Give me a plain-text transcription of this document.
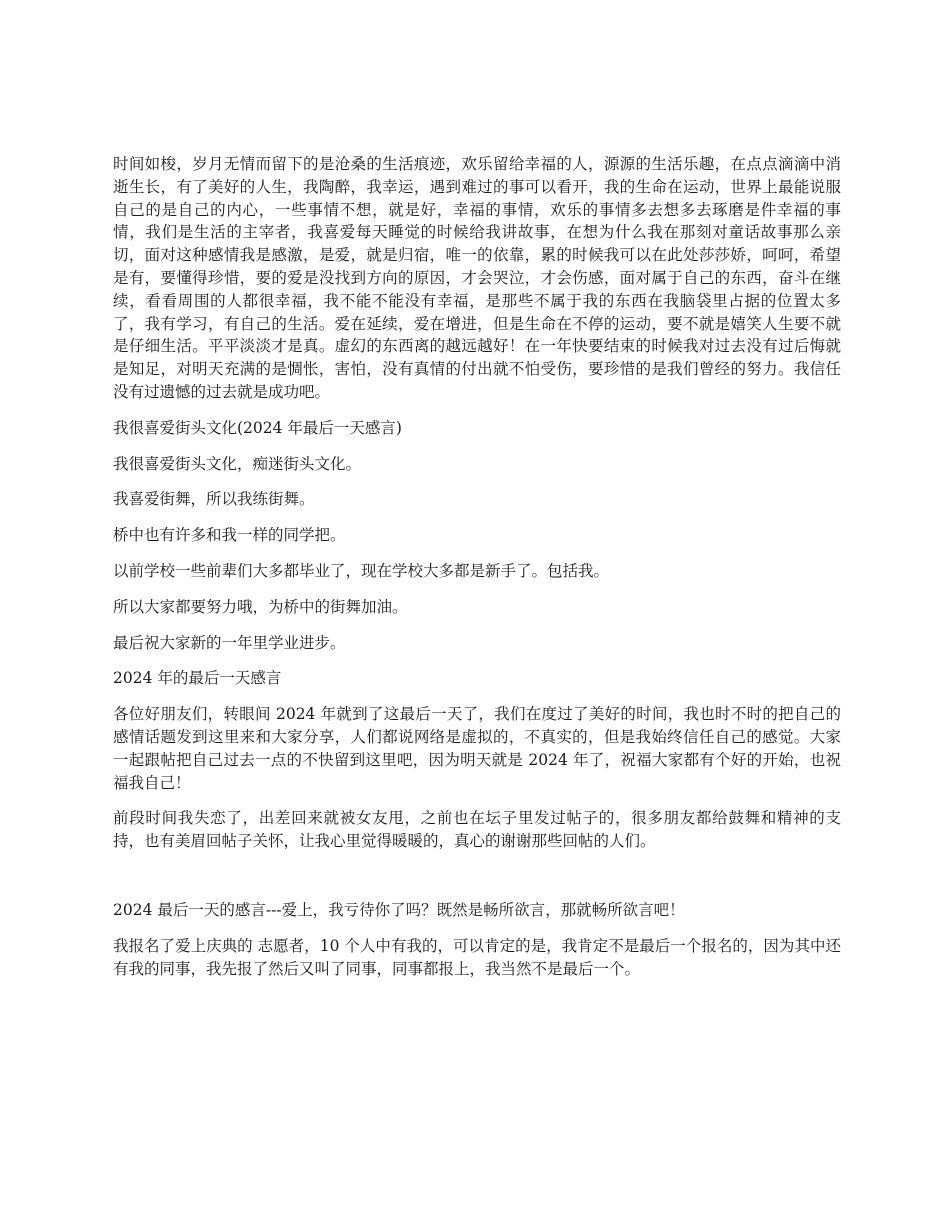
时间如梭，岁月无情而留下的是沧桑的生活痕迹，欢乐留给幸福的人，源源的生活乐趣，在点点滴滴中消逝生长，有了美好的人生，我陶醉，我幸运，遇到难过的事可以看开，我的生命在运动，世界上最能说服自己的是自己的内心，一些事情不想，就是好，幸福的事情，欢乐的事情多去想多去琢磨是件幸福的事情，我们是生活的主宰者，我喜爱每天睡觉的时候给我讲故事，在想为什么我在那刻对童话故事那么亲切，面对这种感情我是感激，是爱，就是归宿，唯一的依靠，累的时候我可以在此处莎莎娇，呵呵，希望是有，要懂得珍惜，要的爱是没找到方向的原因，才会哭泣，才会伤感，面对属于自己的东西，奋斗在继续，看看周围的人都很幸福，我不能不能没有幸福，是那些不属于我的东西在我脑袋里占据的位置太多了，我有学习，有自己的生活。爱在延续，爱在增进，但是生命在不停的运动，要不就是嬉笑人生要不就是仔细生活。平平淡淡才是真。虚幻的东西离的越远越好！在一年快要结束的时候我对过去没有过后悔就是知足，对明天充满的是惆怅，害怕，没有真情的付出就不怕受伤，要珍惜的是我们曾经的努力。我信任没有过遗憾的过去就是成功吧。

我很喜爱街头文化(2024 年最后一天感言)

我很喜爱街头文化，痴迷街头文化。

我喜爱街舞，所以我练街舞。

桥中也有许多和我一样的同学把。

以前学校一些前辈们大多都毕业了，现在学校大多都是新手了。包括我。

所以大家都要努力哦，为桥中的街舞加油。

最后祝大家新的一年里学业进步。

2024 年的最后一天感言

各位好朋友们，转眼间 2024 年就到了这最后一天了，我们在度过了美好的时间，我也时不时的把自己的感情话题发到这里来和大家分享，人们都说网络是虚拟的，不真实的，但是我始终信任自己的感觉。大家一起跟帖把自己过去一点的不快留到这里吧，因为明天就是 2024 年了，祝福大家都有个好的开始，也祝福我自己！

前段时间我失恋了，出差回来就被女友甩，之前也在坛子里发过帖子的，很多朋友都给鼓舞和精神的支持，也有美眉回帖子关怀，让我心里觉得暖暖的，真心的谢谢那些回帖的人们。

2024 最后一天的感言---爱上，我亏待你了吗？既然是畅所欲言，那就畅所欲言吧！

我报名了爱上庆典的 志愿者，10 个人中有我的，可以肯定的是，我肯定不是最后一个报名的，因为其中还有我的同事，我先报了然后又叫了同事，同事都报上，我当然不是最后一个。
